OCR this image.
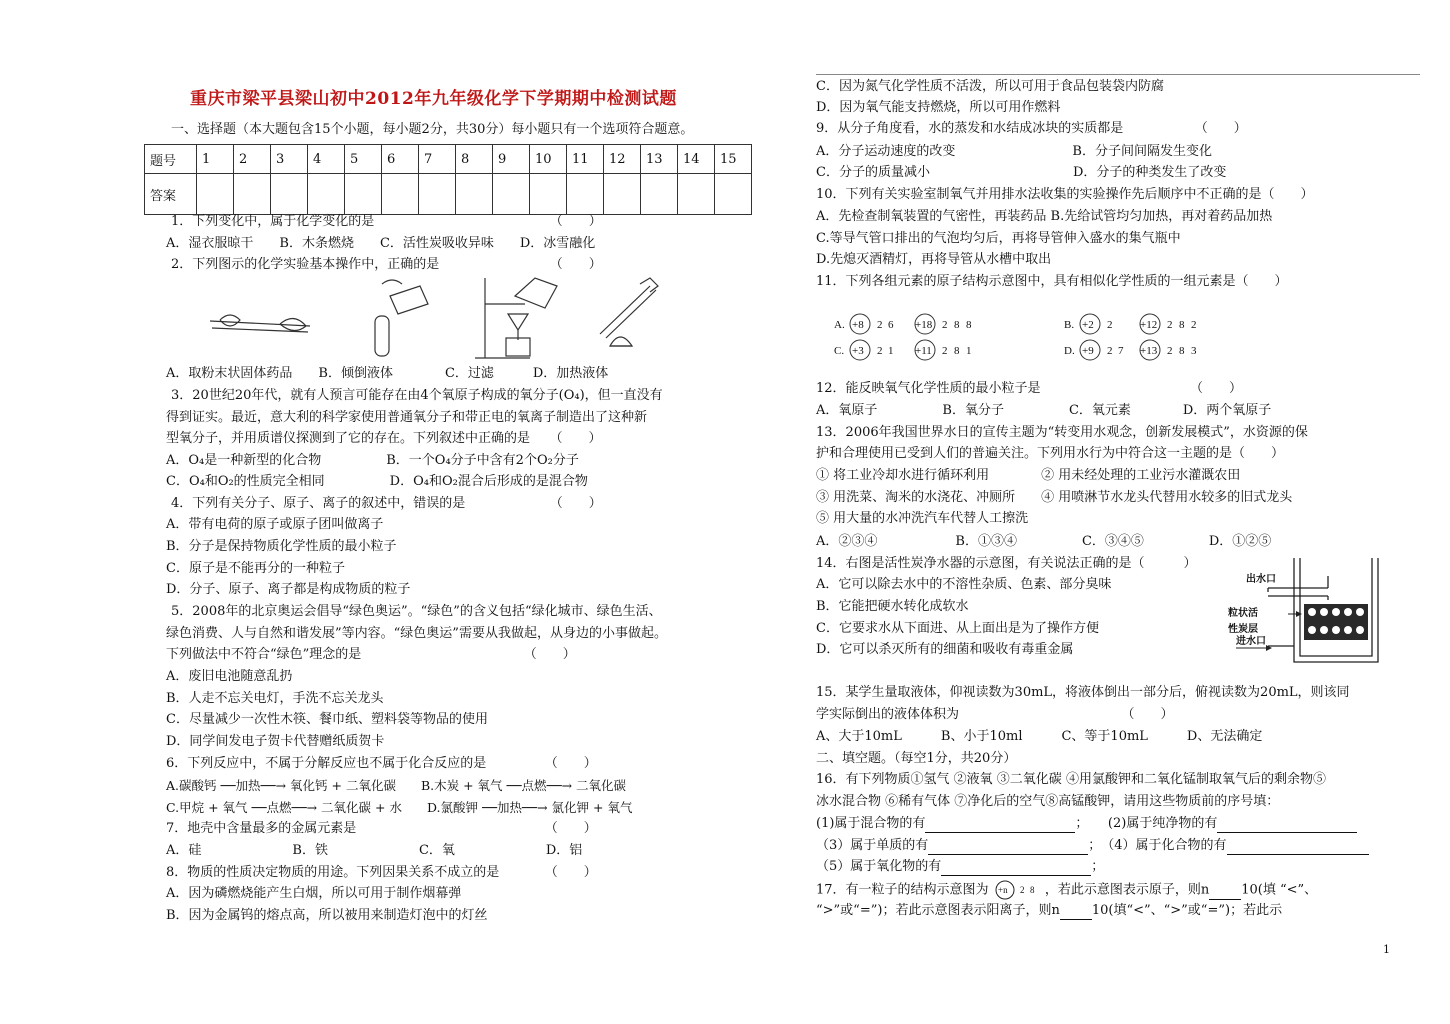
重庆市梁平县梁山初中2012年九年级化学下学期期中检测试题
一、选择题（本大题包含15个小题，每小题2分，共30分）每小题只有一个选项符合题意。
题号	1	2	3	4	5	6	7	8	9	10	11	12	13	14	15
答案															
1．下列变化中，属于化学变化的是　　　　　　　　　　　　　　（　　）
A．湿衣服晾干　　B．木条燃烧　　C．活性炭吸收异味　　D．冰雪融化
2．下列图示的化学实验基本操作中，正确的是　　　　　　　　　（　　）
A．取粉末状固体药品　　B．倾倒液体　　　　C．过滤　　　D．加热液体
3．20世纪20年代，就有人预言可能存在由4个氧原子构成的氧分子(O₄)，但一直没有
得到证实。最近，意大利的科学家使用普通氧分子和带正电的氧离子制造出了这种新
型氧分子，并用质谱仪探测到了它的存在。下列叙述中正确的是　　（　　）
A．O₄是一种新型的化合物　　　　　B．一个O₄分子中含有2个O₂分子
C．O₄和O₂的性质完全相同　　　　　D．O₄和O₂混合后形成的是混合物
4．下列有关分子、原子、离子的叙述中，错误的是　　　　　　　（　　）
A．带有电荷的原子或原子团叫做离子
B．分子是保持物质化学性质的最小粒子
C．原子是不能再分的一种粒子
D．分子、原子、离子都是构成物质的粒子
5．2008年的北京奥运会倡导“绿色奥运”。“绿色”的含义包括“绿化城市、绿色生活、
绿色消费、人与自然和谐发展”等内容。“绿色奥运”需要从我做起，从身边的小事做起。
下列做法中不符合“绿色”理念的是　　　　　　　　　　　　　（　　）
A．废旧电池随意乱扔
B．人走不忘关电灯，手洗不忘关龙头
C．尽量减少一次性木筷、餐巾纸、塑料袋等物品的使用
D．同学间发电子贺卡代替赠纸质贺卡
6．下列反应中，不属于分解反应也不属于化合反应的是　　　　　（　　）
A.碳酸钙 ──加热──→ 氧化钙 + 二氧化碳　　B.木炭 + 氧气 ──点燃──→ 二氧化碳
C.甲烷 + 氧气 ──点燃──→ 二氧化碳 + 水　　D.氯酸钾 ──加热──→ 氯化钾 + 氧气
7．地壳中含量最多的金属元素是　　　　　　　　　　　　　　　（　　）
A．硅　　　　　　　B．铁　　　　　　　C．氧　　　　　　　D．铝
8．物质的性质决定物质的用途。下列因果关系不成立的是　　　　（　　）
A．因为磷燃烧能产生白烟，所以可用于制作烟幕弹
B．因为金属钨的熔点高，所以被用来制造灯泡中的灯丝
C．因为氮气化学性质不活泼，所以可用于食品包装袋内防腐
D．因为氧气能支持燃烧，所以可用作燃料
9．从分子角度看，水的蒸发和水结成冰块的实质都是　　　　　　（　　）
A．分子运动速度的改变　　　　　　　　　B．分子间间隔发生变化
C．分子的质量减小　　　　　　　　　　　D．分子的种类发生了改变
10．下列有关实验室制氧气并用排水法收集的实验操作先后顺序中不正确的是（　　）
A．先检查制氧装置的气密性，再装药品 B.先给试管均匀加热，再对着药品加热
C.等导气管口排出的气泡均匀后，再将导管伸入盛水的集气瓶中
D.先熄灭酒精灯，再将导管从水槽中取出
11．下列各组元素的原子结构示意图中，具有相似化学性质的一组元素是（　　）
A. +8 2 6 +18 2 8 8
C. +3 2 1 +11 2 8 1
B. +2 2	+12 2 8 2
D. +9 2 7 +13 2 8 3
12．能反映氧气化学性质的最小粒子是　　　　　　　　　　　　（　　）
A．氧原子　　　　　B．氧分子　　　　　C．氧元素　　　　D．两个氧原子
13．2006年我国世界水日的宣传主题为“转变用水观念，创新发展模式”，水资源的保
护和合理使用已受到人们的普遍关注。下列用水行为中符合这一主题的是（　　）
① 将工业冷却水进行循环利用　　　　② 用未经处理的工业污水灌溉农田
③ 用洗菜、淘米的水浇花、冲厕所　　④ 用喷淋节水龙头代替用水较多的旧式龙头
⑤ 用大量的水冲洗汽车代替人工擦洗
A．②③④　　　　　　B．①③④　　　　　C．③④⑤　　　　　D．①②⑤
14．右图是活性炭净水器的示意图，有关说法正确的是（　　　）
A．它可以除去水中的不溶性杂质、色素、部分臭味
B．它能把硬水转化成软水
C．它要求水从下面进、从上面出是为了操作方便
D．它可以杀灭所有的细菌和吸收有毒重金属
出水口
粒状活
性炭层
进水口
15．某学生量取液体，仰视读数为30mL，将液体倒出一部分后，俯视读数为20mL，则该同
学实际倒出的液体体积为　　　　　　　　　　　　　（　　）
A、大于10mL　　　B、小于10ml　　　C、等于10mL　　　D、无法确定
二、填空题。（每空1分，共20分）
16．有下列物质①氢气 ②液氧 ③二氧化碳 ④用氯酸钾和二氧化锰制取氧气后的剩余物⑤
冰水混合物 ⑥稀有气体 ⑦净化后的空气⑧高锰酸钾，请用这些物质前的序号填：
(1)属于混合物的有	；　　(2)属于纯净物的有
（3）属于单质的有	；　（4）属于化合物的有
（5）属于氧化物的有	；
17．有一粒子的结构示意图为 +n 2 8 ，若此示意图表示原子，则n 10(填 “<”、
“>”或“=”)；若此示意图表示阳离子，则n 10(填“<”、“>”或“=”)；若此示
1
